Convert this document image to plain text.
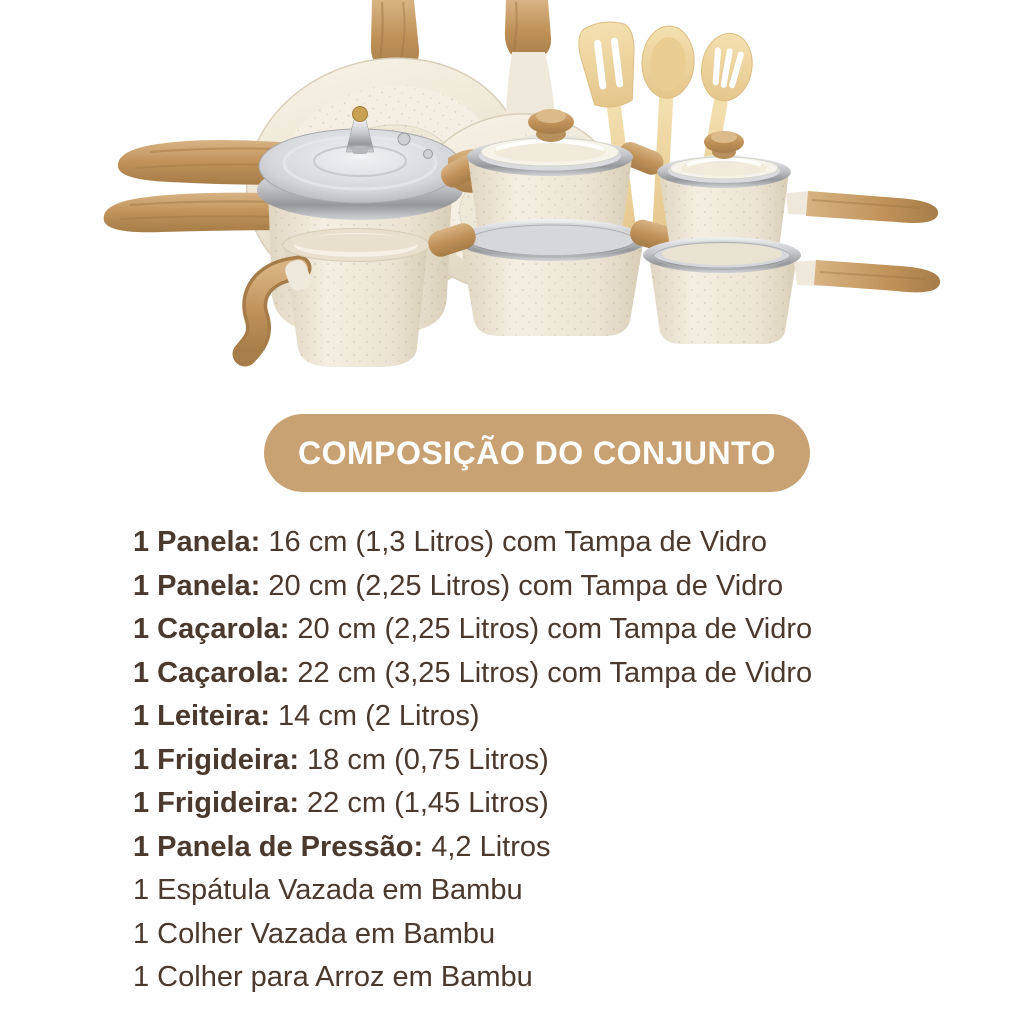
COMPOSIÇÃO DO CONJUNTO
1 Panela: 16 cm (1,3 Litros) com Tampa de Vidro
1 Panela: 20 cm (2,25 Litros) com Tampa de Vidro
1 Caçarola: 20 cm (2,25 Litros) com Tampa de Vidro
1 Caçarola: 22 cm (3,25 Litros) com Tampa de Vidro
1 Leiteira: 14 cm (2 Litros)
1 Frigideira: 18 cm (0,75 Litros)
1 Frigideira: 22 cm (1,45 Litros)
1 Panela de Pressão: 4,2 Litros
1 Espátula Vazada em Bambu
1 Colher Vazada em Bambu
1 Colher para Arroz em Bambu
